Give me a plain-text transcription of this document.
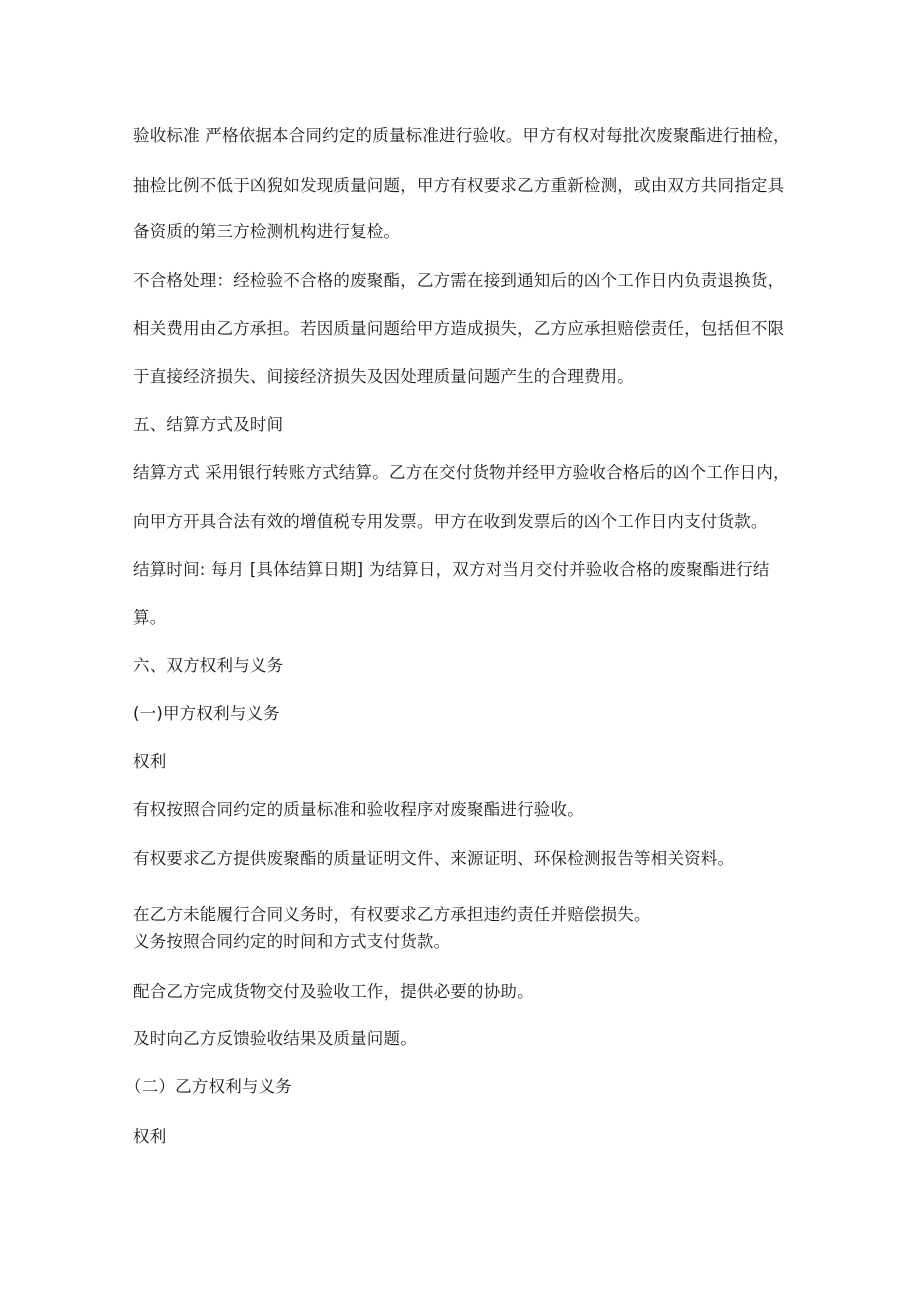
验收标准 严格依据本合同约定的质量标准进行验收。甲方有权对每批次废聚酯进行抽检，
抽检比例不低于凶猊如发现质量问题，甲方有权要求乙方重新检测，或由双方共同指定具
备资质的第三方检测机构进行复检。
不合格处理：经检验不合格的废聚酯，乙方需在接到通知后的凶个工作日内负责退换货，
相关费用由乙方承担。若因质量问题给甲方造成损失，乙方应承担赔偿责任，包括但不限
于直接经济损失、间接经济损失及因处理质量问题产生的合理费用。
五、结算方式及时间
结算方式 采用银行转账方式结算。乙方在交付货物并经甲方验收合格后的凶个工作日内，
向甲方开具合法有效的增值税专用发票。甲方在收到发票后的凶个工作日内支付货款。
结算时间: 每月 [具体结算日期] 为结算日，双方对当月交付并验收合格的废聚酯进行结
算。
六、双方权利与义务
(一)甲方权利与义务
权利
有权按照合同约定的质量标准和验收程序对废聚酯进行验收。
有权要求乙方提供废聚酯的质量证明文件、来源证明、环保检测报告等相关资料。
在乙方未能履行合同义务时，有权要求乙方承担违约责任并赔偿损失。
义务按照合同约定的时间和方式支付货款。
配合乙方完成货物交付及验收工作，提供必要的协助。
及时向乙方反馈验收结果及质量问题。
（二）乙方权利与义务
权利
